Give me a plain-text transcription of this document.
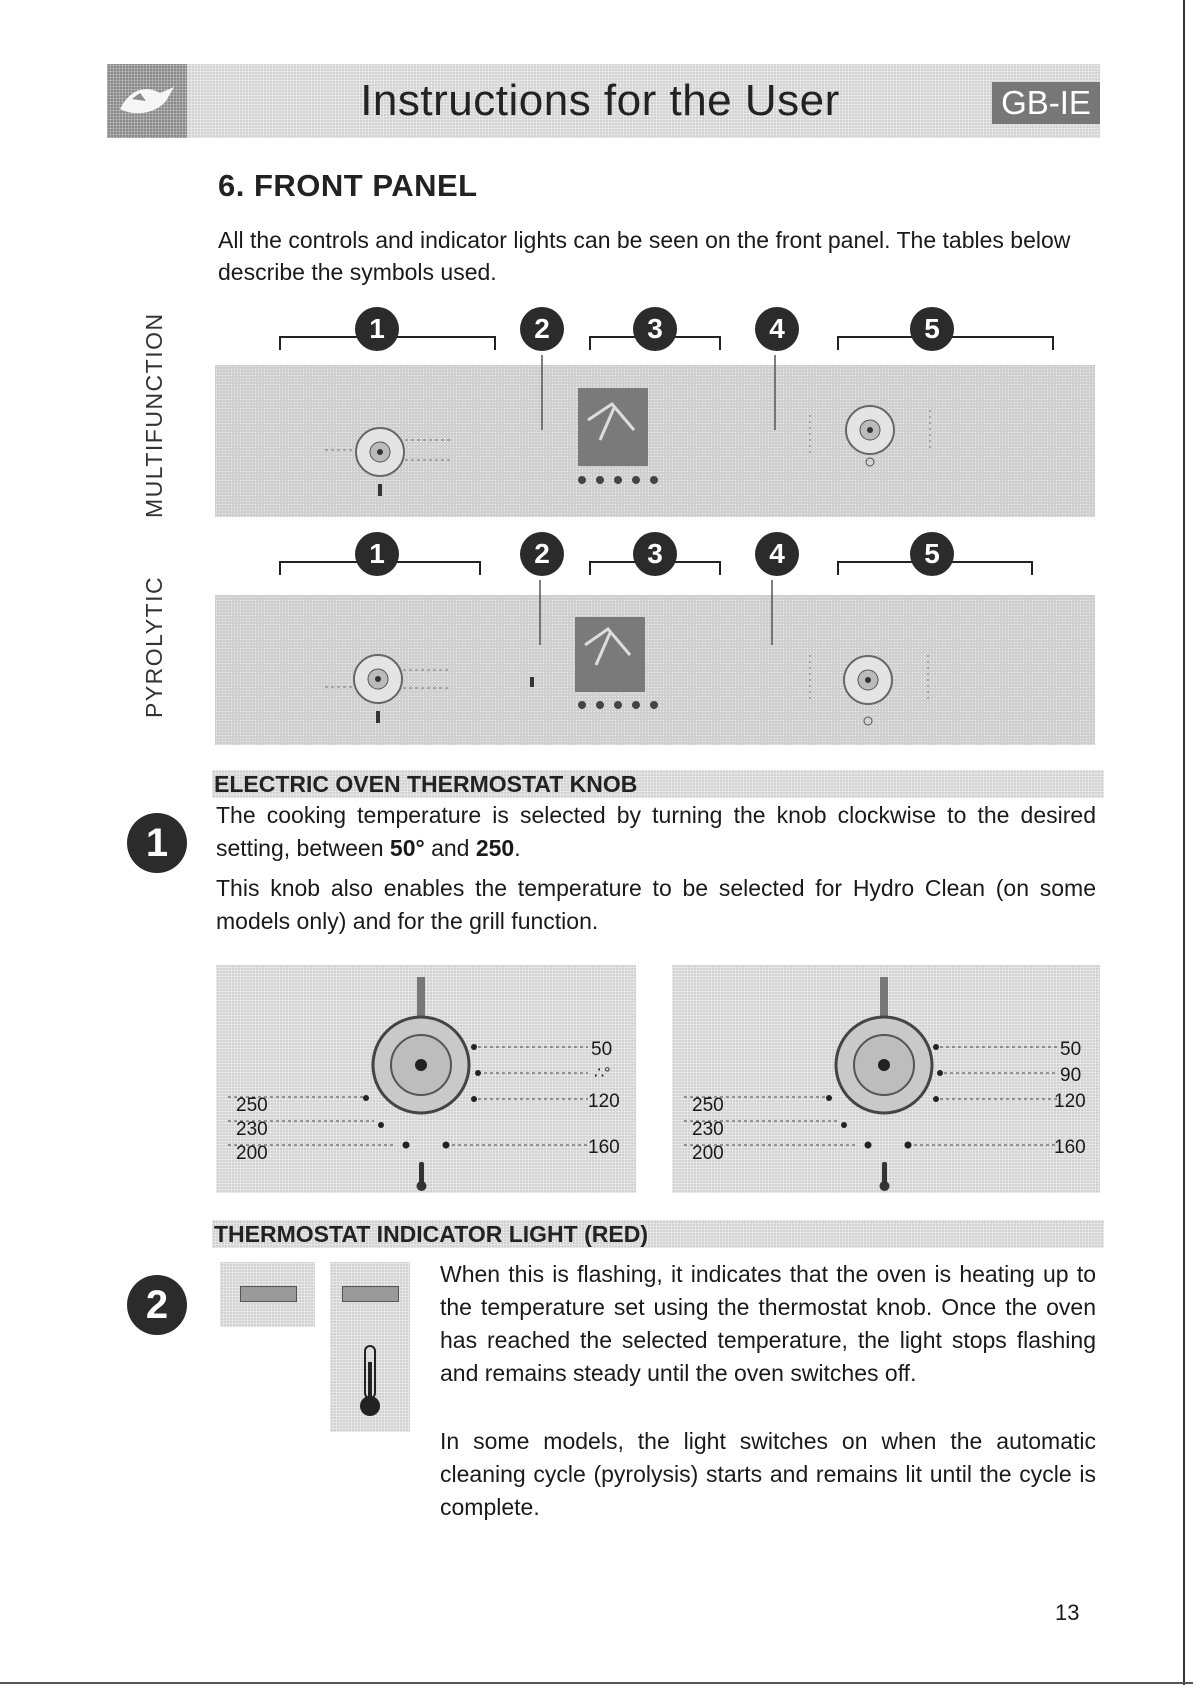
Instructions for the User	GB-IE
6. FRONT PANEL
All the controls and indicator lights can be seen on the front panel. The tables below describe the symbols used.
MULTIFUNCTION
PYROLYTIC
1	2	3	4	5
1	2	3	4	5
1
ELECTRIC OVEN THERMOSTAT KNOB
The cooking temperature is selected by turning the knob clockwise to the desired setting, between 50° and 250.
This knob also enables the temperature to be selected for Hydro Clean (on some models only) and for the grill function.
250
230
200
50
∴°
120
160
250
230
200
50
90
120
160
2
THERMOSTAT INDICATOR LIGHT (RED)
When this is flashing, it indicates that the oven is heating up to the temperature set using the thermostat knob. Once the oven has reached the selected temperature, the light stops flashing and remains steady until the oven switches off.
In some models, the light switches on when the automatic cleaning cycle (pyrolysis) starts and remains lit until the cycle is complete.
13
